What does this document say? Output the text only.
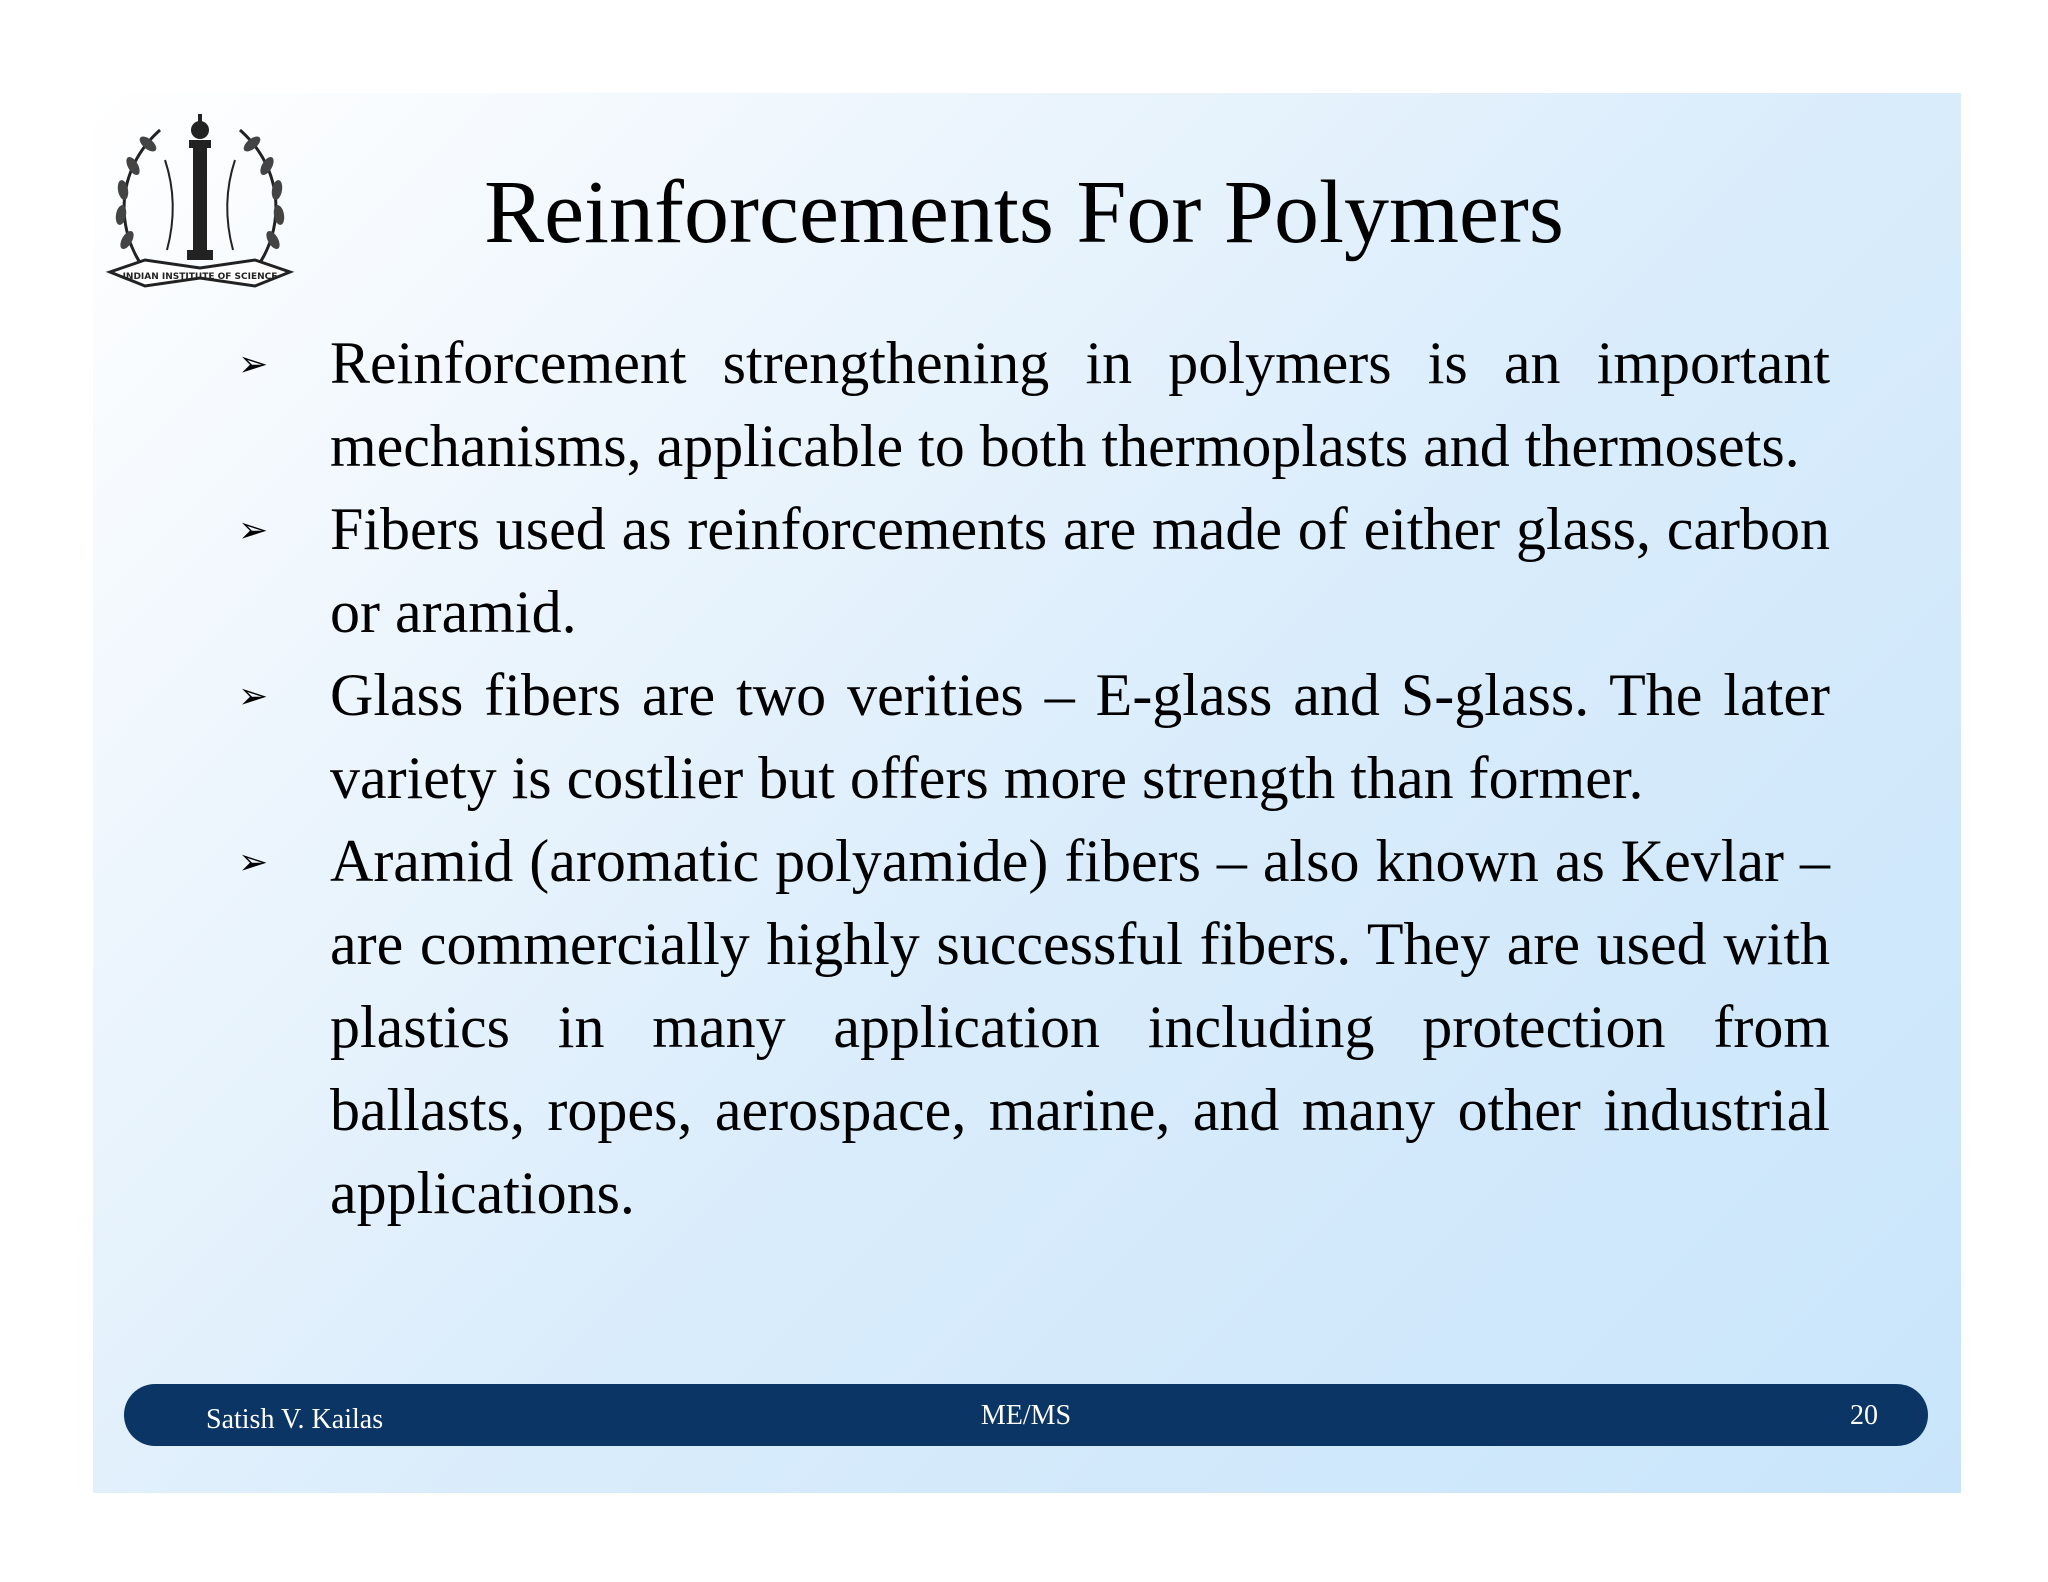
INDIAN INSTITUTE OF SCIENCE
Reinforcements For Polymers
➢ Reinforcement strengthening in polymers is an important mechanisms, applicable to both thermoplasts and thermosets.
➢ Fibers used as reinforcements are made of either glass, carbon or aramid.
➢ Glass fibers are two verities – E-glass and S-glass. The later variety is costlier but offers more strength than former.
➢ Aramid (aromatic polyamide) fibers – also known as Kevlar – are commercially highly successful fibers. They are used with plastics in many application including protection from ballasts, ropes, aerospace, marine, and many other industrial applications.
Satish V. Kailas	ME/MS	20
